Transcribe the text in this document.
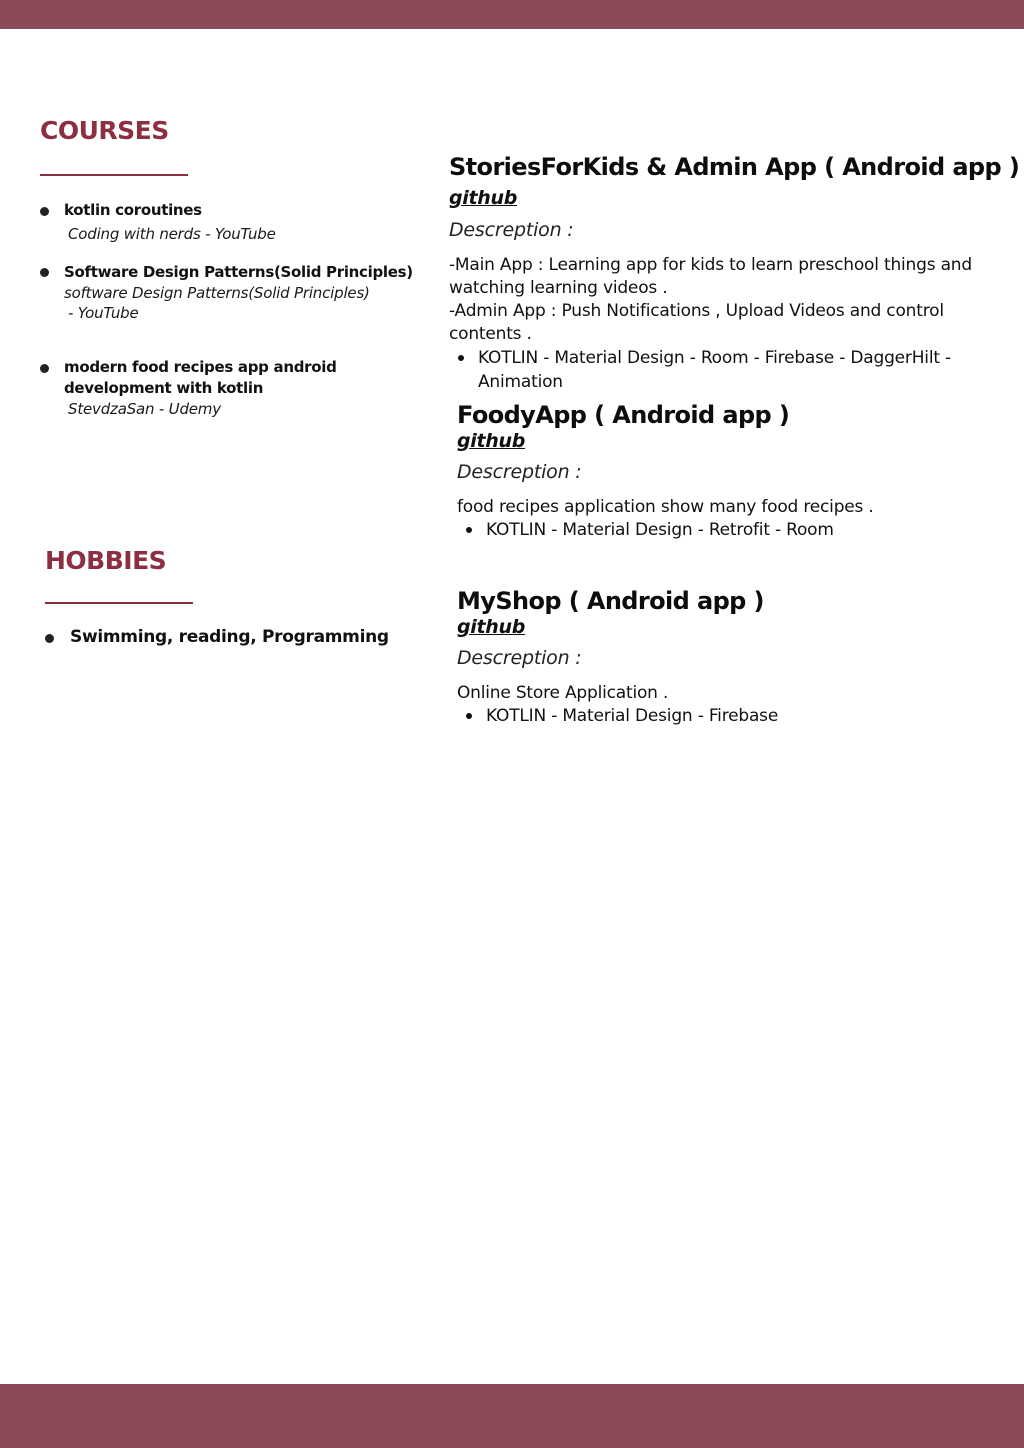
COURSES
kotlin coroutines
Coding with nerds - YouTube
Software Design Patterns(Solid Principles)
software Design Patterns(Solid Principles)
- YouTube
modern food recipes app android development with kotlin
StevdzaSan - Udemy
HOBBIES
Swimming, reading, Programming
StoriesForKids & Admin App ( Android app )
github
Descreption :
-Main App : Learning app for kids to learn preschool things and watching learning videos .
-Admin App : Push Notifications , Upload Videos and control contents .
KOTLIN - Material Design - Room - Firebase - DaggerHilt - Animation
FoodyApp ( Android app )
github
Descreption :
food recipes application show many food recipes .
KOTLIN - Material Design - Retrofit - Room
MyShop ( Android app )
github
Descreption :
Online Store Application .
KOTLIN - Material Design - Firebase
